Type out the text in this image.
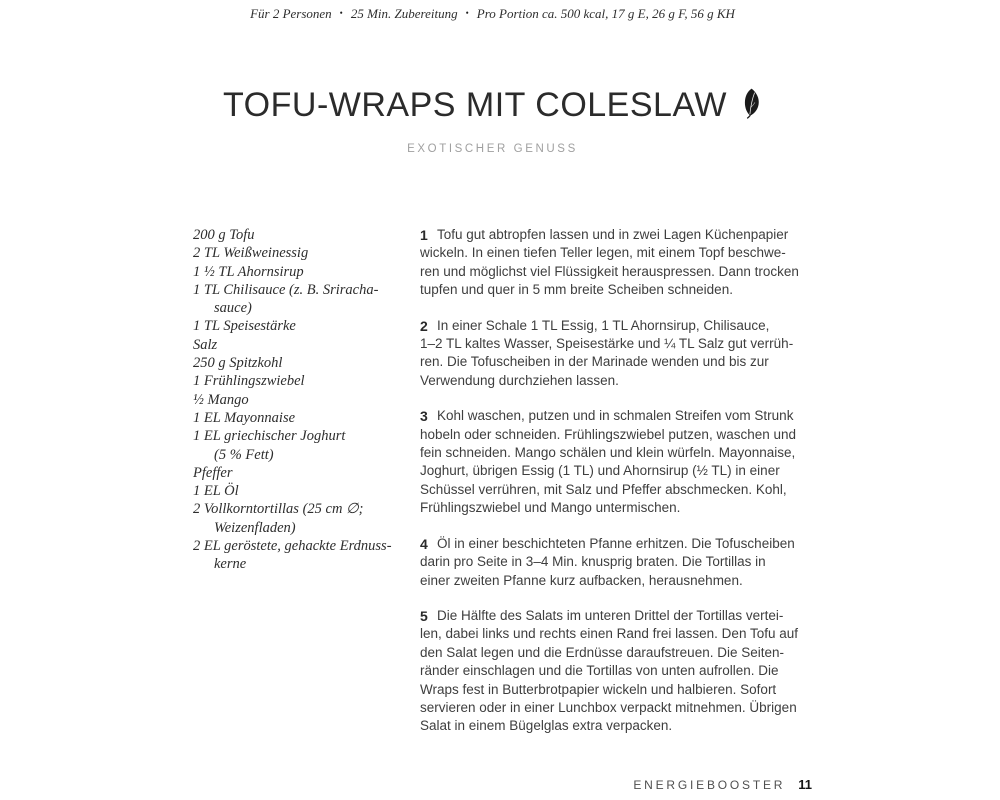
Für 2 Personen • 25 Min. Zubereitung • Pro Portion ca. 500 kcal, 17 g E, 26 g F, 56 g KH
TOFU-WRAPS MIT COLESLAW
EXOTISCHER GENUSS
200 g Tofu
2 TL Weißweinessig
1 ½ TL Ahornsirup
1 TL Chilisauce (z. B. Sriracha-
sauce)
1 TL Speisestärke
Salz
250 g Spitzkohl
1 Frühlingszwiebel
½ Mango
1 EL Mayonnaise
1 EL griechischer Joghurt
(5 % Fett)
Pfeffer
1 EL Öl
2 Vollkorntortillas (25 cm ∅;
Weizenfladen)
2 EL geröstete, gehackte Erdnuss-
kerne
1 Tofu gut abtropfen lassen und in zwei Lagen Küchenpapier
wickeln. In einen tiefen Teller legen, mit einem Topf beschwe-
ren und möglichst viel Flüssigkeit herauspressen. Dann trocken
tupfen und quer in 5 mm breite Scheiben schneiden.
2 In einer Schale 1 TL Essig, 1 TL Ahornsirup, Chilisauce,
1–2 TL kaltes Wasser, Speisestärke und ¼ TL Salz gut verrüh-
ren. Die Tofuscheiben in der Marinade wenden und bis zur
Verwendung durchziehen lassen.
3 Kohl waschen, putzen und in schmalen Streifen vom Strunk
hobeln oder schneiden. Frühlingszwiebel putzen, waschen und
fein schneiden. Mango schälen und klein würfeln. Mayonnaise,
Joghurt, übrigen Essig (1 TL) und Ahornsirup (½ TL) in einer
Schüssel verrühren, mit Salz und Pfeffer abschmecken. Kohl,
Frühlingszwiebel und Mango untermischen.
4 Öl in einer beschichteten Pfanne erhitzen. Die Tofuscheiben
darin pro Seite in 3–4 Min. knusprig braten. Die Tortillas in
einer zweiten Pfanne kurz aufbacken, herausnehmen.
5 Die Hälfte des Salats im unteren Drittel der Tortillas vertei-
len, dabei links und rechts einen Rand frei lassen. Den Tofu auf
den Salat legen und die Erdnüsse daraufstreuen. Die Seiten-
ränder einschlagen und die Tortillas von unten aufrollen. Die
Wraps fest in Butterbrotpapier wickeln und halbieren. Sofort
servieren oder in einer Lunchbox verpackt mitnehmen. Übrigen
Salat in einem Bügelglas extra verpacken.
ENERGIEBOOSTER 11
